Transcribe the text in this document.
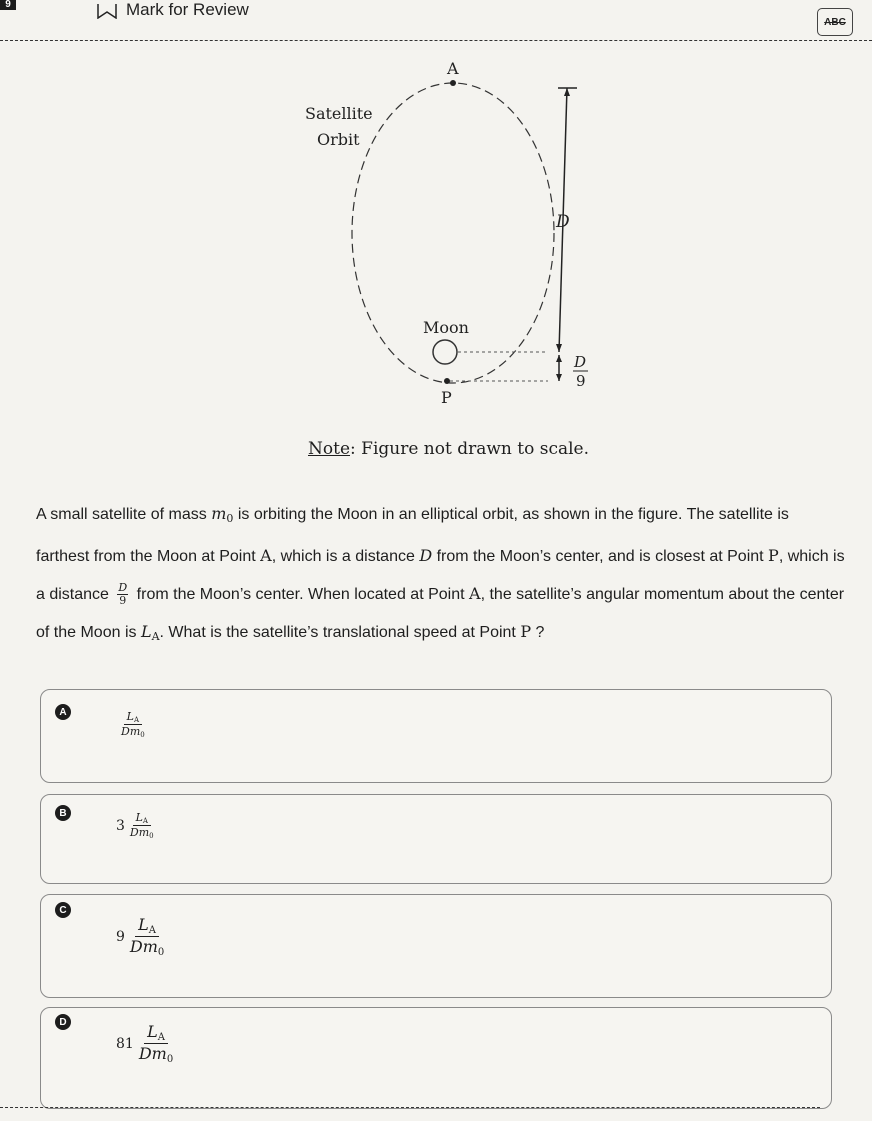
9	Mark for Review
ABC
A
Satellite
Orbit
D
Moon
D
9
P
Note: Figure not drawn to scale.
A small satellite of mass $m_0$ is orbiting the Moon in an elliptical orbit, as shown in the figure. The satellite is farthest from the Moon at Point A, which is a distance D from the Moon’s center, and is closest at Point P, which is a distance $\frac{D}{9}$ from the Moon’s center. When located at Point A, the satellite’s angular momentum about the center of the Moon is $L_A$. What is the satellite’s translational speed at Point P ?
A	$\frac{L_A}{Dm_0}$
B
$3 \frac{L_A}{Dm_0}$
C
$9 \frac{L_A}{Dm_0}$
D
$81 \frac{L_A}{Dm_0}$
